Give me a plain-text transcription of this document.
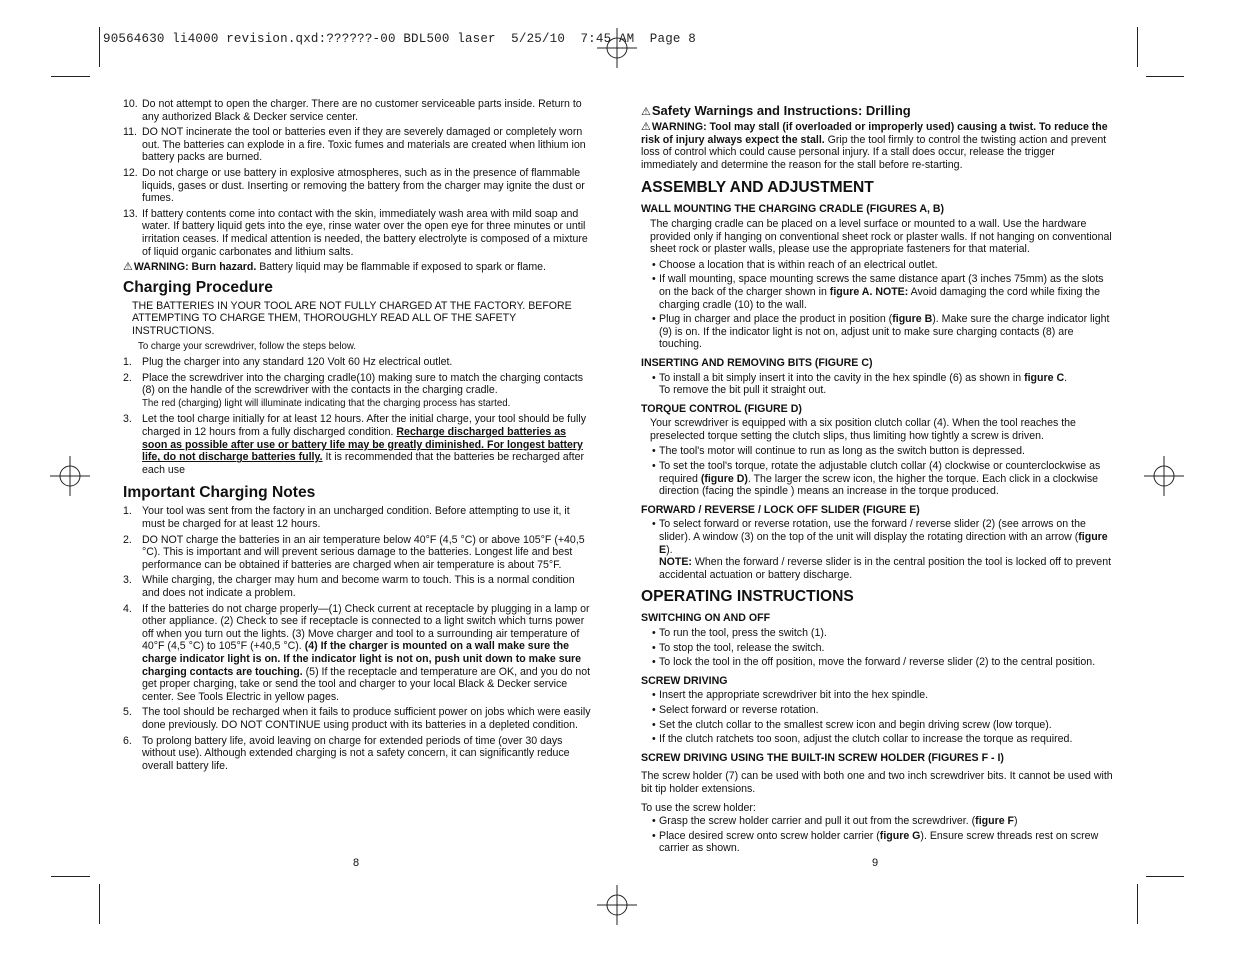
90564630 li4000 revision.qxd:??????-00 BDL500 laser  5/25/10  7:45 AM  Page 8
10. Do not attempt to open the charger. There are no customer serviceable parts inside. Return to any authorized Black & Decker service center.
11. DO NOT incinerate the tool or batteries even if they are severely damaged or completely worn out. The batteries can explode in a fire. Toxic fumes and materials are created when lithium ion battery packs are burned.
12. Do not charge or use battery in explosive atmospheres, such as in the presence of flammable liquids, gases or dust. Inserting or removing the battery from the charger may ignite the dust or fumes.
13. If battery contents come into contact with the skin, immediately wash area with mild soap and water. If battery liquid gets into the eye, rinse water over the open eye for three minutes or until irritation ceases. If medical attention is needed, the battery electrolyte is composed of a mixture of liquid organic carbonates and lithium salts.

⚠WARNING: Burn hazard. Battery liquid may be flammable if exposed to spark or flame.

Charging Procedure

THE BATTERIES IN YOUR TOOL ARE NOT FULLY CHARGED AT THE FACTORY. BEFORE ATTEMPTING TO CHARGE THEM, THOROUGHLY READ ALL OF THE SAFETY INSTRUCTIONS.

To charge your screwdriver, follow the steps below.

1. Plug the charger into any standard 120 Volt 60 Hz electrical outlet.
2. Place the screwdriver into the charging cradle(10) making sure to match the charging contacts (8) on the handle of the screwdriver with the contacts in the charging cradle.
The red (charging) light will illuminate indicating that the charging process has started.
3. Let the tool charge initially for at least 12 hours. After the initial charge, your tool should be fully charged in 12 hours from a fully discharged condition. Recharge discharged batteries as soon as possible after use or battery life may be greatly diminished. For longest battery life, do not discharge batteries fully. It is recommended that the batteries be recharged after each use
Important Charging Notes
1. Your tool was sent from the factory in an uncharged condition. Before attempting to use it, it must be charged for at least 12 hours.
2. DO NOT charge the batteries in an air temperature below 40°F (4,5 °C) or above 105°F (+40,5 °C). This is important and will prevent serious damage to the batteries. Longest life and best performance can be obtained if batteries are charged when air temperature is about 75°F.
3. While charging, the charger may hum and become warm to touch. This is a normal condition and does not indicate a problem.
4. If the batteries do not charge properly—(1) Check current at receptacle by plugging in a lamp or other appliance. (2) Check to see if receptacle is connected to a light switch which turns power off when you turn out the lights. (3) Move charger and tool to a surrounding air temperature of 40°F (4,5 °C) to 105°F (+40,5 °C). (4) If the charger is mounted on a wall make sure the charge indicator light is on. If the indicator light is not on, push unit down to make sure charging contacts are touching. (5) If the receptacle and temperature are OK, and you do not get proper charging, take or send the tool and charger to your local Black & Decker service center. See Tools Electric in yellow pages.
5. The tool should be recharged when it fails to produce sufficient power on jobs which were easily done previously. DO NOT CONTINUE using product with its batteries in a depleted condition.
6. To prolong battery life, avoid leaving on charge for extended periods of time (over 30 days without use). Although extended charging is not a safety concern, it can significantly reduce overall battery life.
8
⚠Safety Warnings and Instructions: Drilling

⚠WARNING: Tool may stall (if overloaded or improperly used) causing a twist. To reduce the risk of injury always expect the stall. Grip the tool firmly to control the twisting action and prevent loss of control which could cause personal injury. If a stall does occur, release the trigger immediately and determine the reason for the stall before re-starting.

ASSEMBLY AND ADJUSTMENT
WALL MOUNTING THE CHARGING CRADLE (FIGURES A, B)

The charging cradle can be placed on a level surface or mounted to a wall. Use the hardware provided only if hanging on conventional sheet rock or plaster walls. If not hanging on conventional sheet rock or plaster walls, please use the appropriate fasteners for that material.

• Choose a location that is within reach of an electrical outlet.
• If wall mounting, space mounting screws the same distance apart (3 inches 75mm) as the slots on the back of the charger shown in figure A. NOTE: Avoid damaging the cord while fixing the charging cradle (10) to the wall.
• Plug in charger and place the product in position (figure B). Make sure the charge indicator light (9) is on. If the indicator light is not on, adjust unit to make sure charging contacts (8) are touching.
INSERTING AND REMOVING BITS (FIGURE C)
• To install a bit simply insert it into the cavity in the hex spindle (6) as shown in figure C.
To remove the bit pull it straight out.
TORQUE CONTROL (FIGURE D)

Your screwdriver is equipped with a six position clutch collar (4). When the tool reaches the preselected torque setting the clutch slips, thus limiting how tightly a screw is driven.

• The tool's motor will continue to run as long as the switch button is depressed.
• To set the tool's torque, rotate the adjustable clutch collar (4) clockwise or counterclockwise as required (figure D). The larger the screw icon, the higher the torque. Each click in a clockwise direction (facing the spindle ) means an increase in the torque produced.
FORWARD / REVERSE / LOCK OFF SLIDER (FIGURE E)
• To select forward or reverse rotation, use the forward / reverse slider (2) (see arrows on the slider). A window (3) on the top of the unit will display the rotating direction with an arrow (figure E).
NOTE: When the forward / reverse slider is in the central position the tool is locked off to prevent accidental actuation or battery discharge.
OPERATING INSTRUCTIONS
SWITCHING ON AND OFF
• To run the tool, press the switch (1).
• To stop the tool, release the switch.
• To lock the tool in the off position, move the forward / reverse slider (2) to the central position.
SCREW DRIVING
• Insert the appropriate screwdriver bit into the hex spindle.
• Select forward or reverse rotation.
• Set the clutch collar to the smallest screw icon and begin driving screw (low torque).
• If the clutch ratchets too soon, adjust the clutch collar to increase the torque as required.
SCREW DRIVING USING THE BUILT-IN SCREW HOLDER (FIGURES F - I)

The screw holder (7) can be used with both one and two inch screwdriver bits. It cannot be used with bit tip holder extensions.

To use the screw holder:

• Grasp the screw holder carrier and pull it out from the screwdriver. (figure F)
• Place desired screw onto screw holder carrier (figure G). Ensure screw threads rest on screw carrier as shown.
9
